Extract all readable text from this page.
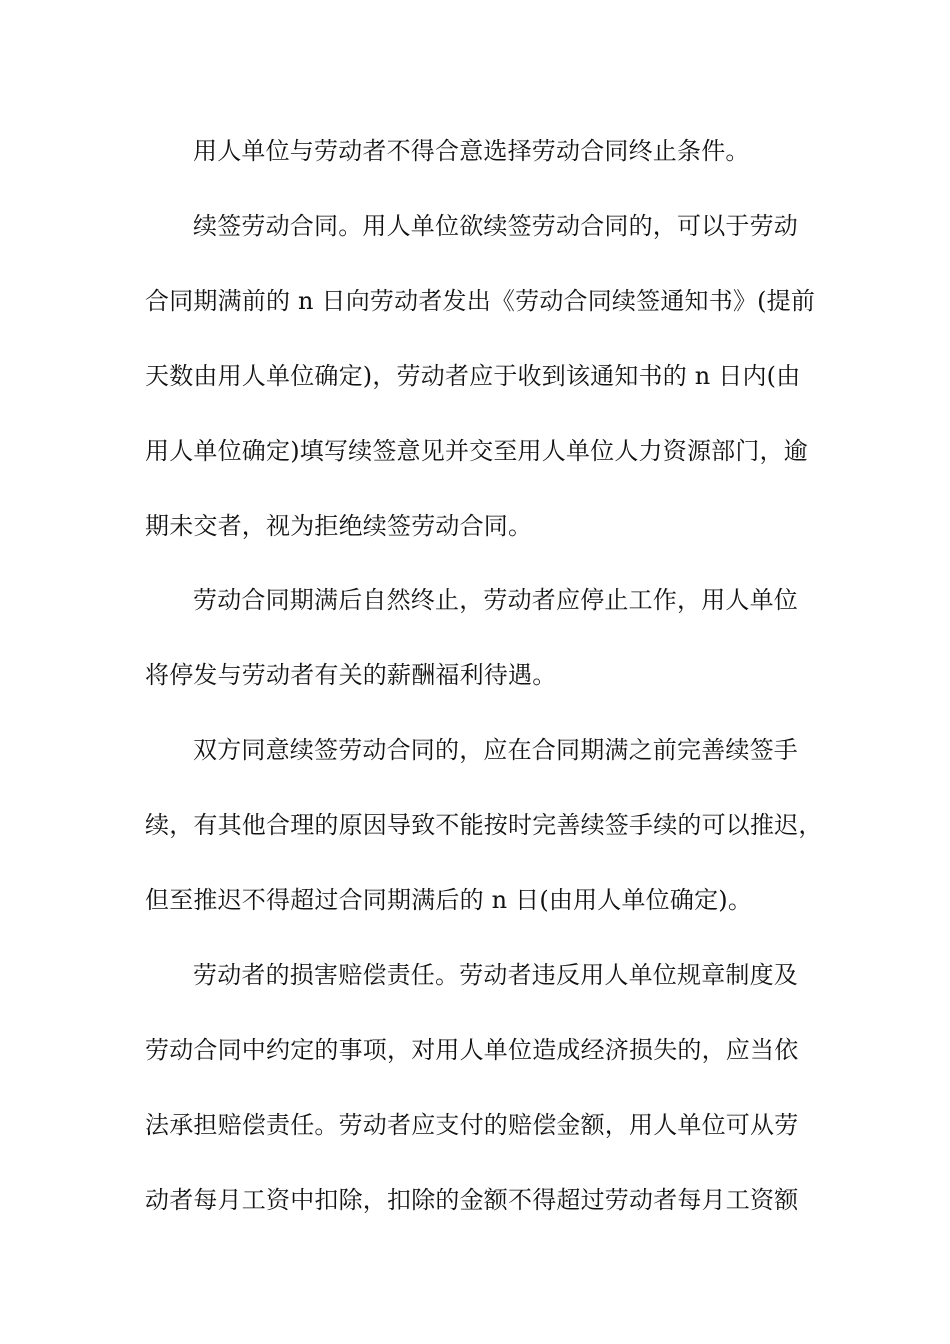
用人单位与劳动者不得合意选择劳动合同终止条件。
续签劳动合同。用人单位欲续签劳动合同的，可以于劳动
合同期满前的 n 日向劳动者发出《劳动合同续签通知书》(提前
天数由用人单位确定)，劳动者应于收到该通知书的 n 日内(由
用人单位确定)填写续签意见并交至用人单位人力资源部门，逾
期未交者，视为拒绝续签劳动合同。
劳动合同期满后自然终止，劳动者应停止工作，用人单位
将停发与劳动者有关的薪酬福利待遇。
双方同意续签劳动合同的，应在合同期满之前完善续签手
续，有其他合理的原因导致不能按时完善续签手续的可以推迟，
但至推迟不得超过合同期满后的 n 日(由用人单位确定)。
劳动者的损害赔偿责任。劳动者违反用人单位规章制度及
劳动合同中约定的事项，对用人单位造成经济损失的，应当依
法承担赔偿责任。劳动者应支付的赔偿金额，用人单位可从劳
动者每月工资中扣除，扣除的金额不得超过劳动者每月工资额
